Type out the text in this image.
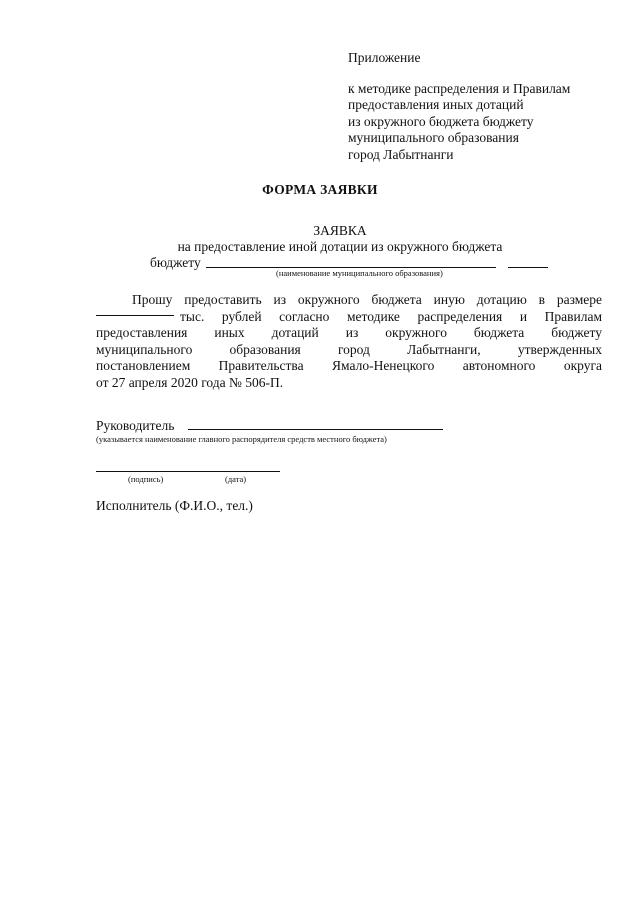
Приложение
к методике распределения и Правилам
предоставления иных дотаций
из окружного бюджета бюджету
муниципального образования
город Лабытнанги
ФОРМА ЗАЯВКИ
ЗАЯВКА
на предоставление иной дотации из окружного бюджета
бюджету
(наименование муниципального образования)
Прошу предоставить из окружного бюджета иную дотацию в размере
тыс. рублей согласно методике распределения и Правилам
предоставления иных дотаций из окружного бюджета бюджету
муниципального образования город Лабытнанги, утвержденных
постановлением Правительства Ямало-Ненецкого автономного округа
от 27 апреля 2020 года № 506-П.
Руководитель
(указывается наименование главного распорядителя средств местного бюджета)
(подпись)	(дата)
Исполнитель (Ф.И.О., тел.)
